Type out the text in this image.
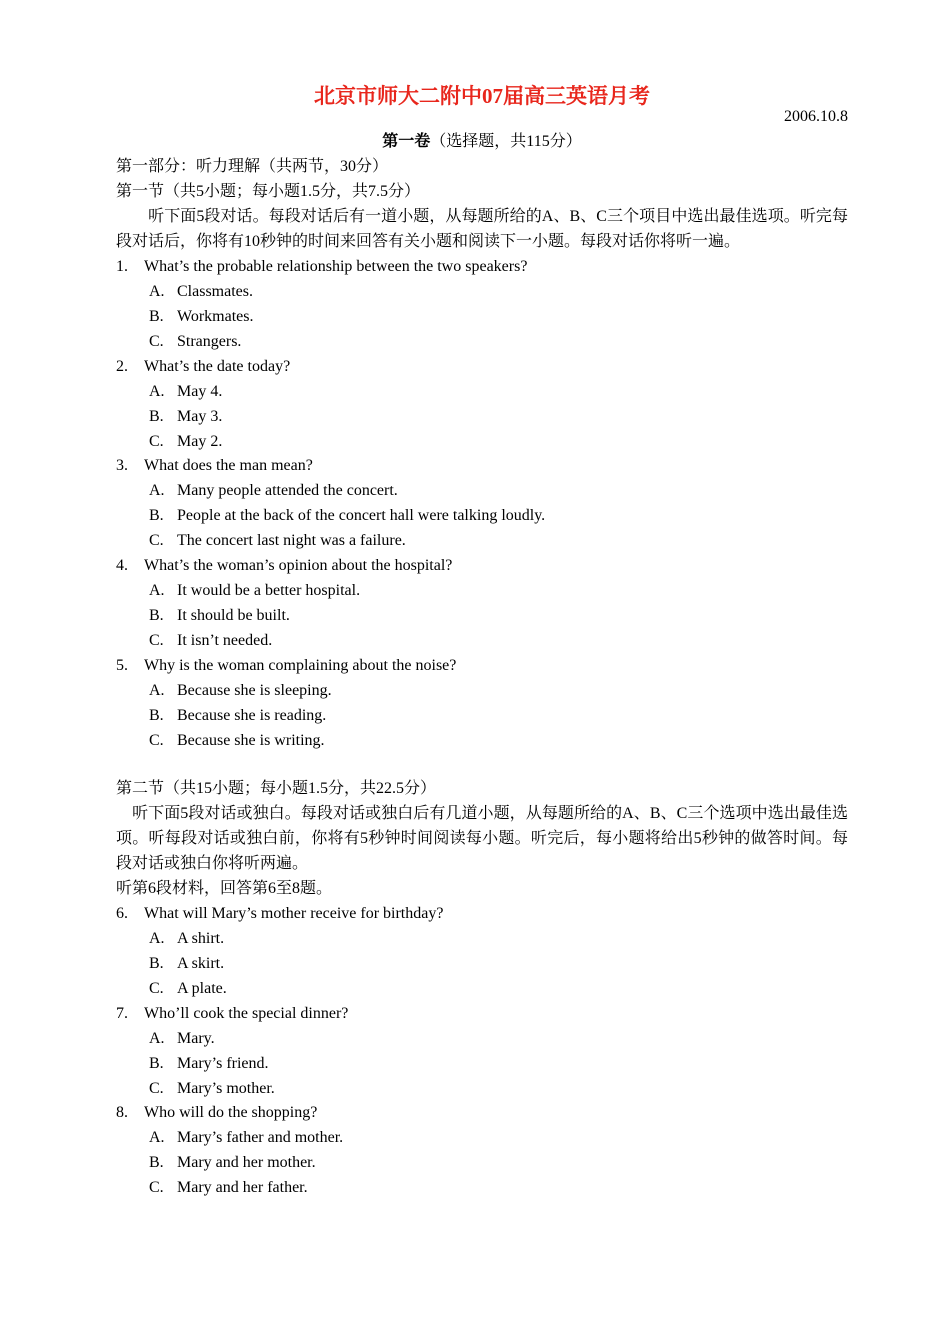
北京市师大二附中07届高三英语月考
2006.10.8
第一卷（选择题，共115分）
第一部分：听力理解（共两节，30分）
第一节（共5小题；每小题1.5分，共7.5分）
　　听下面5段对话。每段对话后有一道小题，从每题所给的A、B、C三个项目中选出最佳选项。听完每段对话后，你将有10秒钟的时间来回答有关小题和阅读下一小题。每段对话你将听一遍。
1. What’s the probable relationship between the two speakers?
A. Classmates.
B. Workmates.
C. Strangers.
2. What’s the date today?
A. May 4.
B. May 3.
C. May 2.
3. What does the man mean?
A. Many people attended the concert.
B. People at the back of the concert hall were talking loudly.
C. The concert last night was a failure.
4. What’s the woman’s opinion about the hospital?
A. It would be a better hospital.
B. It should be built.
C. It isn’t needed.
5. Why is the woman complaining about the noise?
A. Because she is sleeping.
B. Because she is reading.
C. Because she is writing.
第二节（共15小题；每小题1.5分，共22.5分）
　听下面5段对话或独白。每段对话或独白后有几道小题，从每题所给的A、B、C三个选项中选出最佳选项。听每段对话或独白前，你将有5秒钟时间阅读每小题。听完后，每小题将给出5秒钟的做答时间。每段对话或独白你将听两遍。
听第6段材料，回答第6至8题。
6. What will Mary’s mother receive for birthday?
A. A shirt.
B. A skirt.
C. A plate.
7. Who’ll cook the special dinner?
A. Mary.
B. Mary’s friend.
C. Mary’s mother.
8. Who will do the shopping?
A. Mary’s father and mother.
B. Mary and her mother.
C. Mary and her father.
